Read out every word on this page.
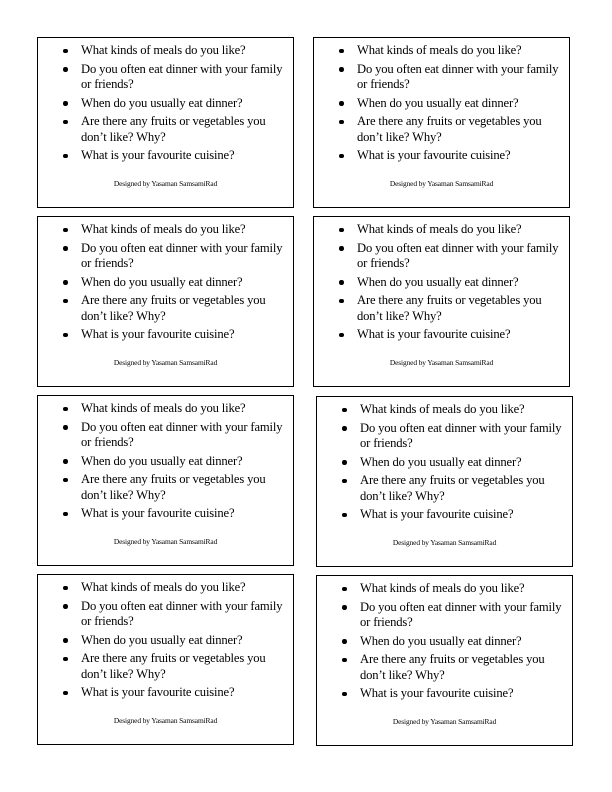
What kinds of meals do you like?
Do you often eat dinner with your family or friends?
When do you usually eat dinner?
Are there any fruits or vegetables you don’t like? Why?
What is your favourite cuisine?
Designed by Yasaman SamsamiRad
What kinds of meals do you like?
Do you often eat dinner with your family or friends?
When do you usually eat dinner?
Are there any fruits or vegetables you don’t like? Why?
What is your favourite cuisine?
Designed by Yasaman SamsamiRad
What kinds of meals do you like?
Do you often eat dinner with your family or friends?
When do you usually eat dinner?
Are there any fruits or vegetables you don’t like? Why?
What is your favourite cuisine?
Designed by Yasaman SamsamiRad
What kinds of meals do you like?
Do you often eat dinner with your family or friends?
When do you usually eat dinner?
Are there any fruits or vegetables you don’t like? Why?
What is your favourite cuisine?
Designed by Yasaman SamsamiRad
What kinds of meals do you like?
Do you often eat dinner with your family or friends?
When do you usually eat dinner?
Are there any fruits or vegetables you don’t like? Why?
What is your favourite cuisine?
Designed by Yasaman SamsamiRad
What kinds of meals do you like?
Do you often eat dinner with your family or friends?
When do you usually eat dinner?
Are there any fruits or vegetables you don’t like? Why?
What is your favourite cuisine?
Designed by Yasaman SamsamiRad
What kinds of meals do you like?
Do you often eat dinner with your family or friends?
When do you usually eat dinner?
Are there any fruits or vegetables you don’t like? Why?
What is your favourite cuisine?
Designed by Yasaman SamsamiRad
What kinds of meals do you like?
Do you often eat dinner with your family or friends?
When do you usually eat dinner?
Are there any fruits or vegetables you don’t like? Why?
What is your favourite cuisine?
Designed by Yasaman SamsamiRad
